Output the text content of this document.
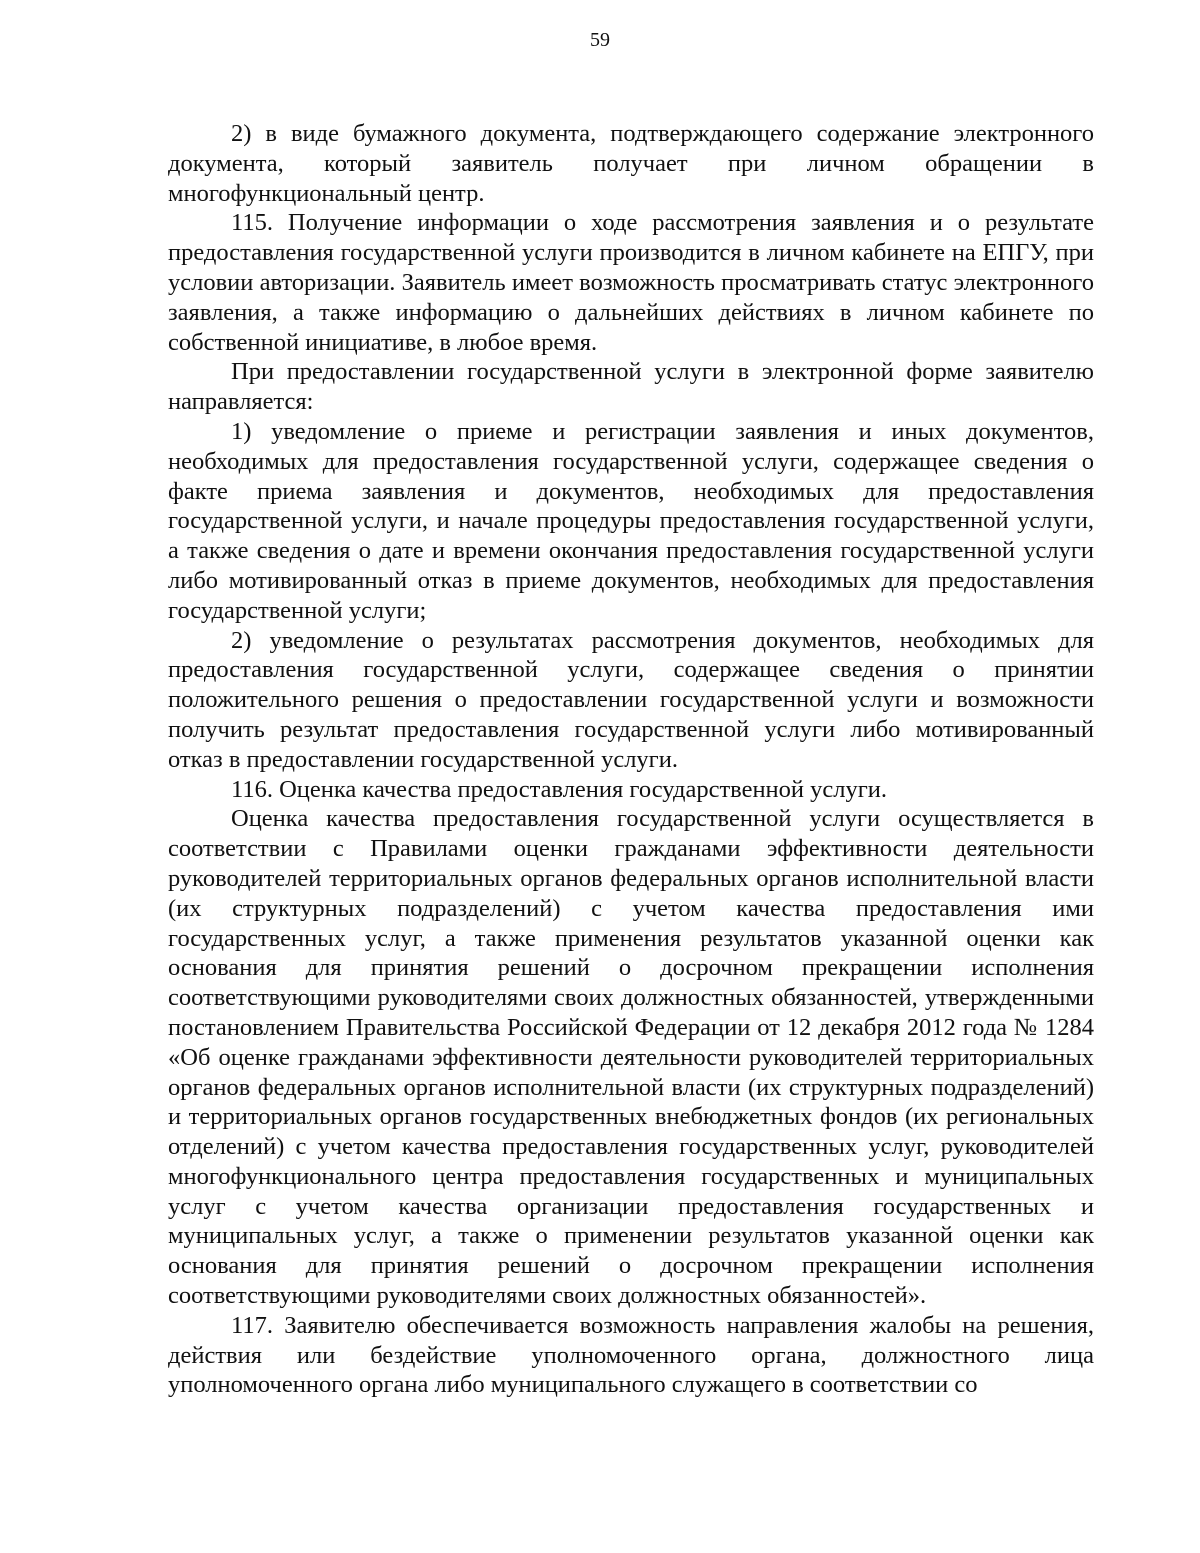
59

2) в виде бумажного документа, подтверждающего содержание электронного документа, который заявитель получает при личном обращении в многофункциональный центр.

115. Получение информации о ходе рассмотрения заявления и о результате предоставления государственной услуги производится в личном кабинете на ЕПГУ, при условии авторизации. Заявитель имеет возможность просматривать статус электронного заявления, а также информацию о дальнейших действиях в личном кабинете по собственной инициативе, в любое время.

При предоставлении государственной услуги в электронной форме заявителю направляется:

1) уведомление о приеме и регистрации заявления и иных документов, необходимых для предоставления государственной услуги, содержащее сведения о факте приема заявления и документов, необходимых для предоставления государственной услуги, и начале процедуры предоставления государственной услуги, а также сведения о дате и времени окончания предоставления государственной услуги либо мотивированный отказ в приеме документов, необходимых для предоставления государственной услуги;

2) уведомление о результатах рассмотрения документов, необходимых для предоставления государственной услуги, содержащее сведения о принятии положительного решения о предоставлении государственной услуги и возможности получить результат предоставления государственной услуги либо мотивированный отказ в предоставлении государственной услуги.

116. Оценка качества предоставления государственной услуги.

Оценка качества предоставления государственной услуги осуществляется в соответствии с Правилами оценки гражданами эффективности деятельности руководителей территориальных органов федеральных органов исполнительной власти (их структурных подразделений) с учетом качества предоставления ими государственных услуг, а также применения результатов указанной оценки как основания для принятия решений о досрочном прекращении исполнения соответствующими руководителями своих должностных обязанностей, утвержденными постановлением Правительства Российской Федерации от 12 декабря 2012 года № 1284 «Об оценке гражданами эффективности деятельности руководителей территориальных органов федеральных органов исполнительной власти (их структурных подразделений) и территориальных органов государственных внебюджетных фондов (их региональных отделений) с учетом качества предоставления государственных услуг, руководителей многофункционального центра предоставления государственных и муниципальных услуг с учетом качества организации предоставления государственных и муниципальных услуг, а также о применении результатов указанной оценки как основания для принятия решений о досрочном прекращении исполнения соответствующими руководителями своих должностных обязанностей».

117. Заявителю обеспечивается возможность направления жалобы на решения, действия или бездействие уполномоченного органа, должностного лица уполномоченного органа либо муниципального служащего в соответствии со
